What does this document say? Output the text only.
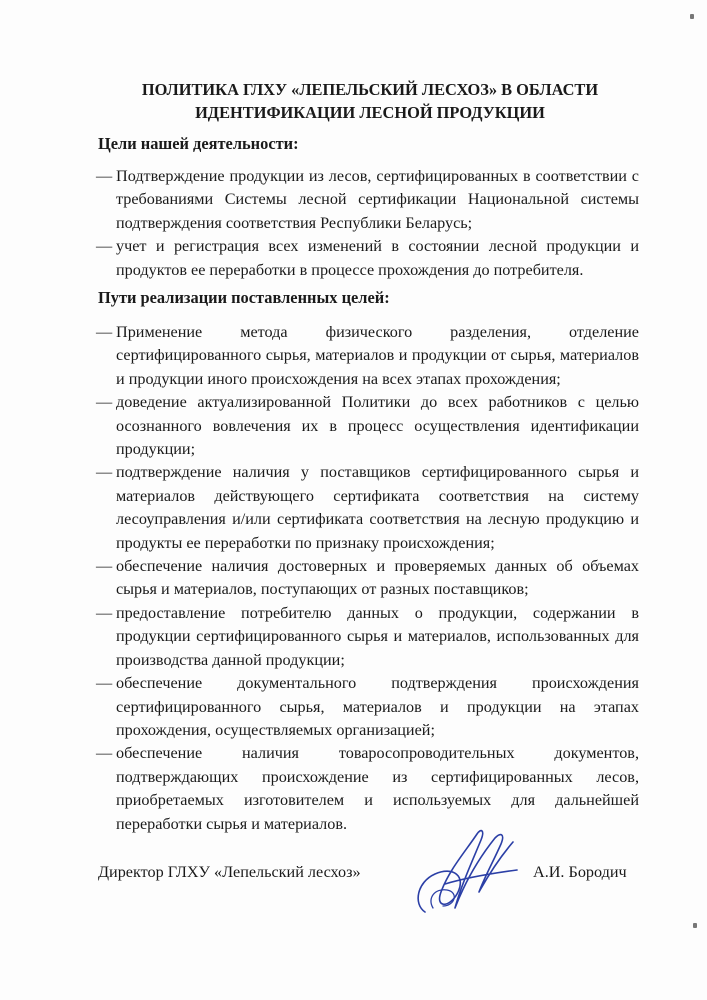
ПОЛИТИКА ГЛХУ «ЛЕПЕЛЬСКИЙ ЛЕСХОЗ» В ОБЛАСТИ
ИДЕНТИФИКАЦИИ ЛЕСНОЙ ПРОДУКЦИИ
Цели нашей деятельности:
— Подтверждение продукции из лесов, сертифицированных в соответствии с требованиями Системы лесной сертификации Национальной системы подтверждения соответствия Республики Беларусь;
— учет и регистрация всех изменений в состоянии лесной продукции и продуктов ее переработки в процессе прохождения до потребителя.
Пути реализации поставленных целей:
— Применение метода физического разделения, отделение сертифицированного сырья, материалов и продукции от сырья, материалов и продукции иного происхождения на всех этапах прохождения;
— доведение актуализированной Политики до всех работников с целью осознанного вовлечения их в процесс осуществления идентификации продукции;
— подтверждение наличия у поставщиков сертифицированного сырья и материалов действующего сертификата соответствия на систему лесоуправления и/или сертификата соответствия на лесную продукцию и продукты ее переработки по признаку происхождения;
— обеспечение наличия достоверных и проверяемых данных об объемах сырья и материалов, поступающих от разных поставщиков;
— предоставление потребителю данных о продукции, содержании в продукции сертифицированного сырья и материалов, использованных для производства данной продукции;
— обеспечение документального подтверждения происхождения сертифицированного сырья, материалов и продукции на этапах прохождения, осуществляемых организацией;
— обеспечение наличия товаросопроводительных документов, подтверждающих происхождение из сертифицированных лесов, приобретаемых изготовителем и используемых для дальнейшей переработки сырья и материалов.
Директор ГЛХУ «Лепельский лесхоз»	А.И. Бородич
